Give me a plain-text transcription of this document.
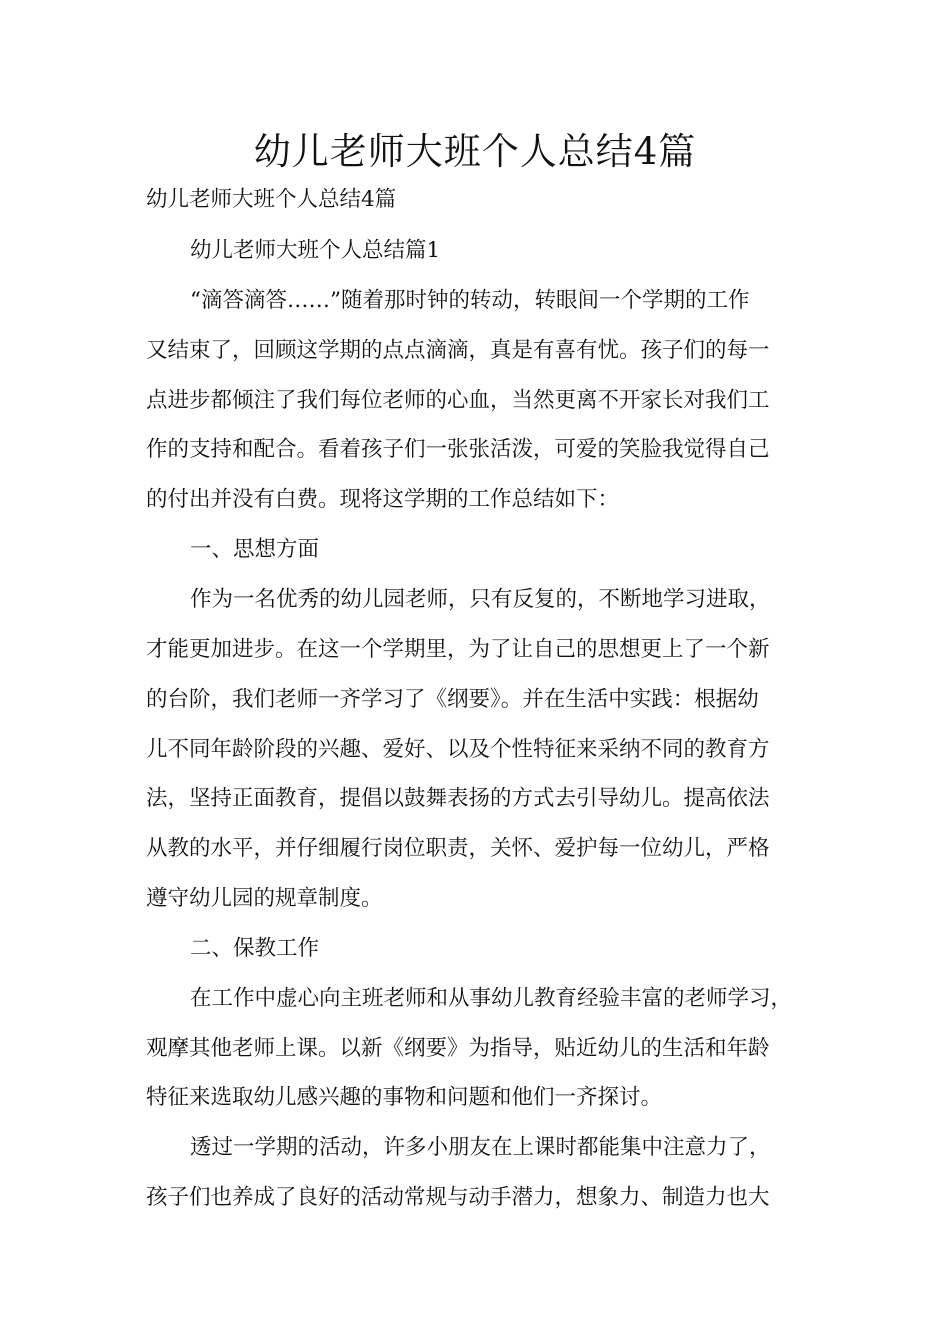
幼儿老师大班个人总结4篇
幼儿老师大班个人总结4篇
幼儿老师大班个人总结篇1
“滴答滴答……”随着那时钟的转动，转眼间一个学期的工作
又结束了，回顾这学期的点点滴滴，真是有喜有忧。孩子们的每一
点进步都倾注了我们每位老师的心血，当然更离不开家长对我们工
作的支持和配合。看着孩子们一张张活泼，可爱的笑脸我觉得自己
的付出并没有白费。现将这学期的工作总结如下：
一、思想方面
作为一名优秀的幼儿园老师，只有反复的，不断地学习进取，
才能更加进步。在这一个学期里，为了让自己的思想更上了一个新
的台阶，我们老师一齐学习了《纲要》。并在生活中实践：根据幼
儿不同年龄阶段的兴趣、爱好、以及个性特征来采纳不同的教育方
法，坚持正面教育，提倡以鼓舞表扬的方式去引导幼儿。提高依法
从教的水平，并仔细履行岗位职责，关怀、爱护每一位幼儿，严格
遵守幼儿园的规章制度。
二、保教工作
在工作中虚心向主班老师和从事幼儿教育经验丰富的老师学习，
观摩其他老师上课。以新《纲要》为指导，贴近幼儿的生活和年龄
特征来选取幼儿感兴趣的事物和问题和他们一齐探讨。
透过一学期的活动，许多小朋友在上课时都能集中注意力了，
孩子们也养成了良好的活动常规与动手潜力，想象力、制造力也大
